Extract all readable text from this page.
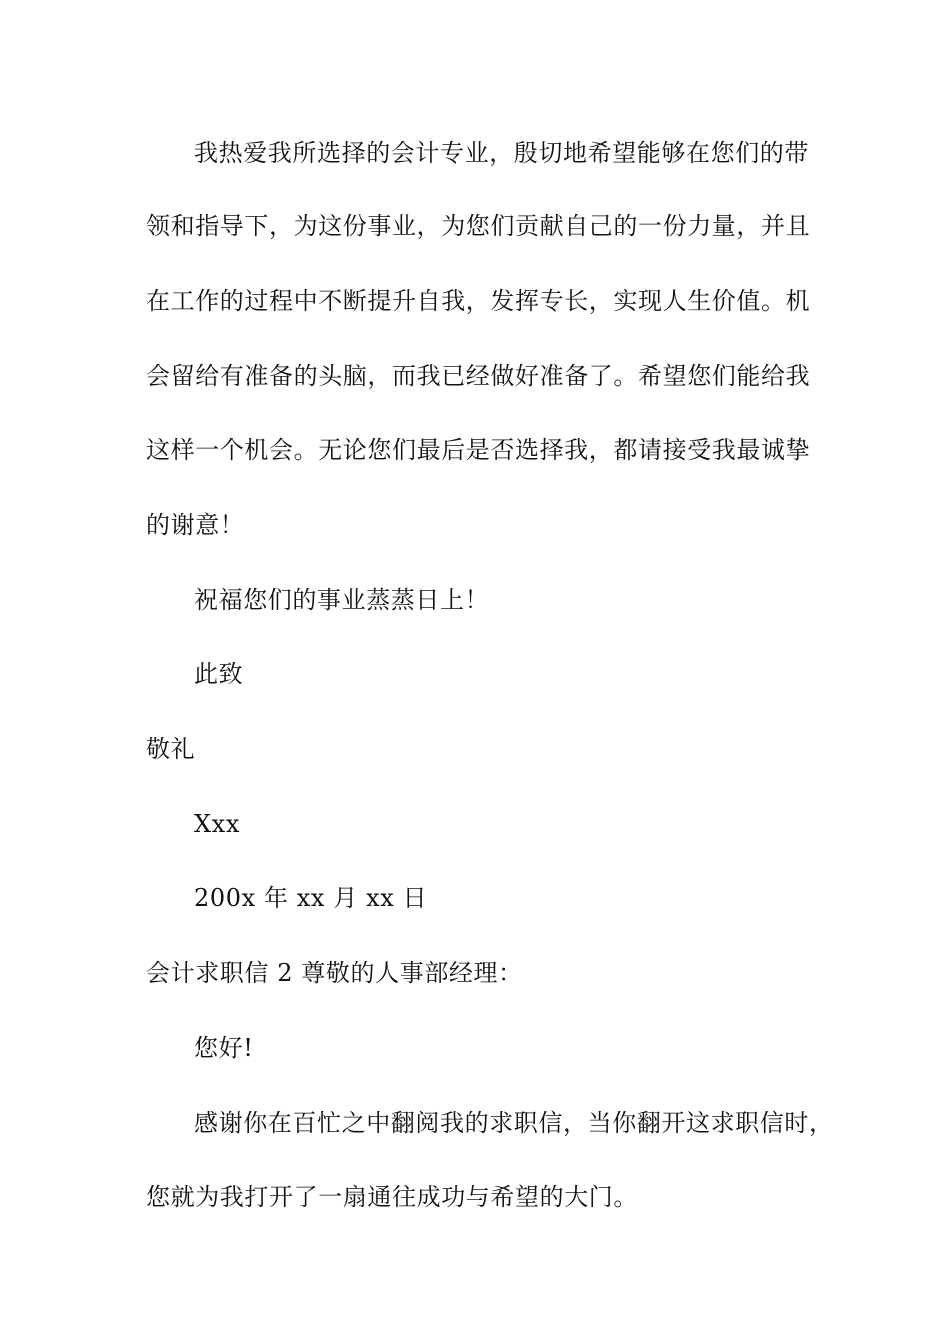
我热爱我所选择的会计专业，殷切地希望能够在您们的带
领和指导下，为这份事业，为您们贡献自己的一份力量，并且
在工作的过程中不断提升自我，发挥专长，实现人生价值。机
会留给有准备的头脑，而我已经做好准备了。希望您们能给我
这样一个机会。无论您们最后是否选择我，都请接受我最诚挚
的谢意！
祝福您们的事业蒸蒸日上！
此致
敬礼
Xxx
200x 年 xx 月 xx 日
会计求职信 2 尊敬的人事部经理：
您好!
感谢你在百忙之中翻阅我的求职信，当你翻开这求职信时，
您就为我打开了一扇通往成功与希望的大门。
